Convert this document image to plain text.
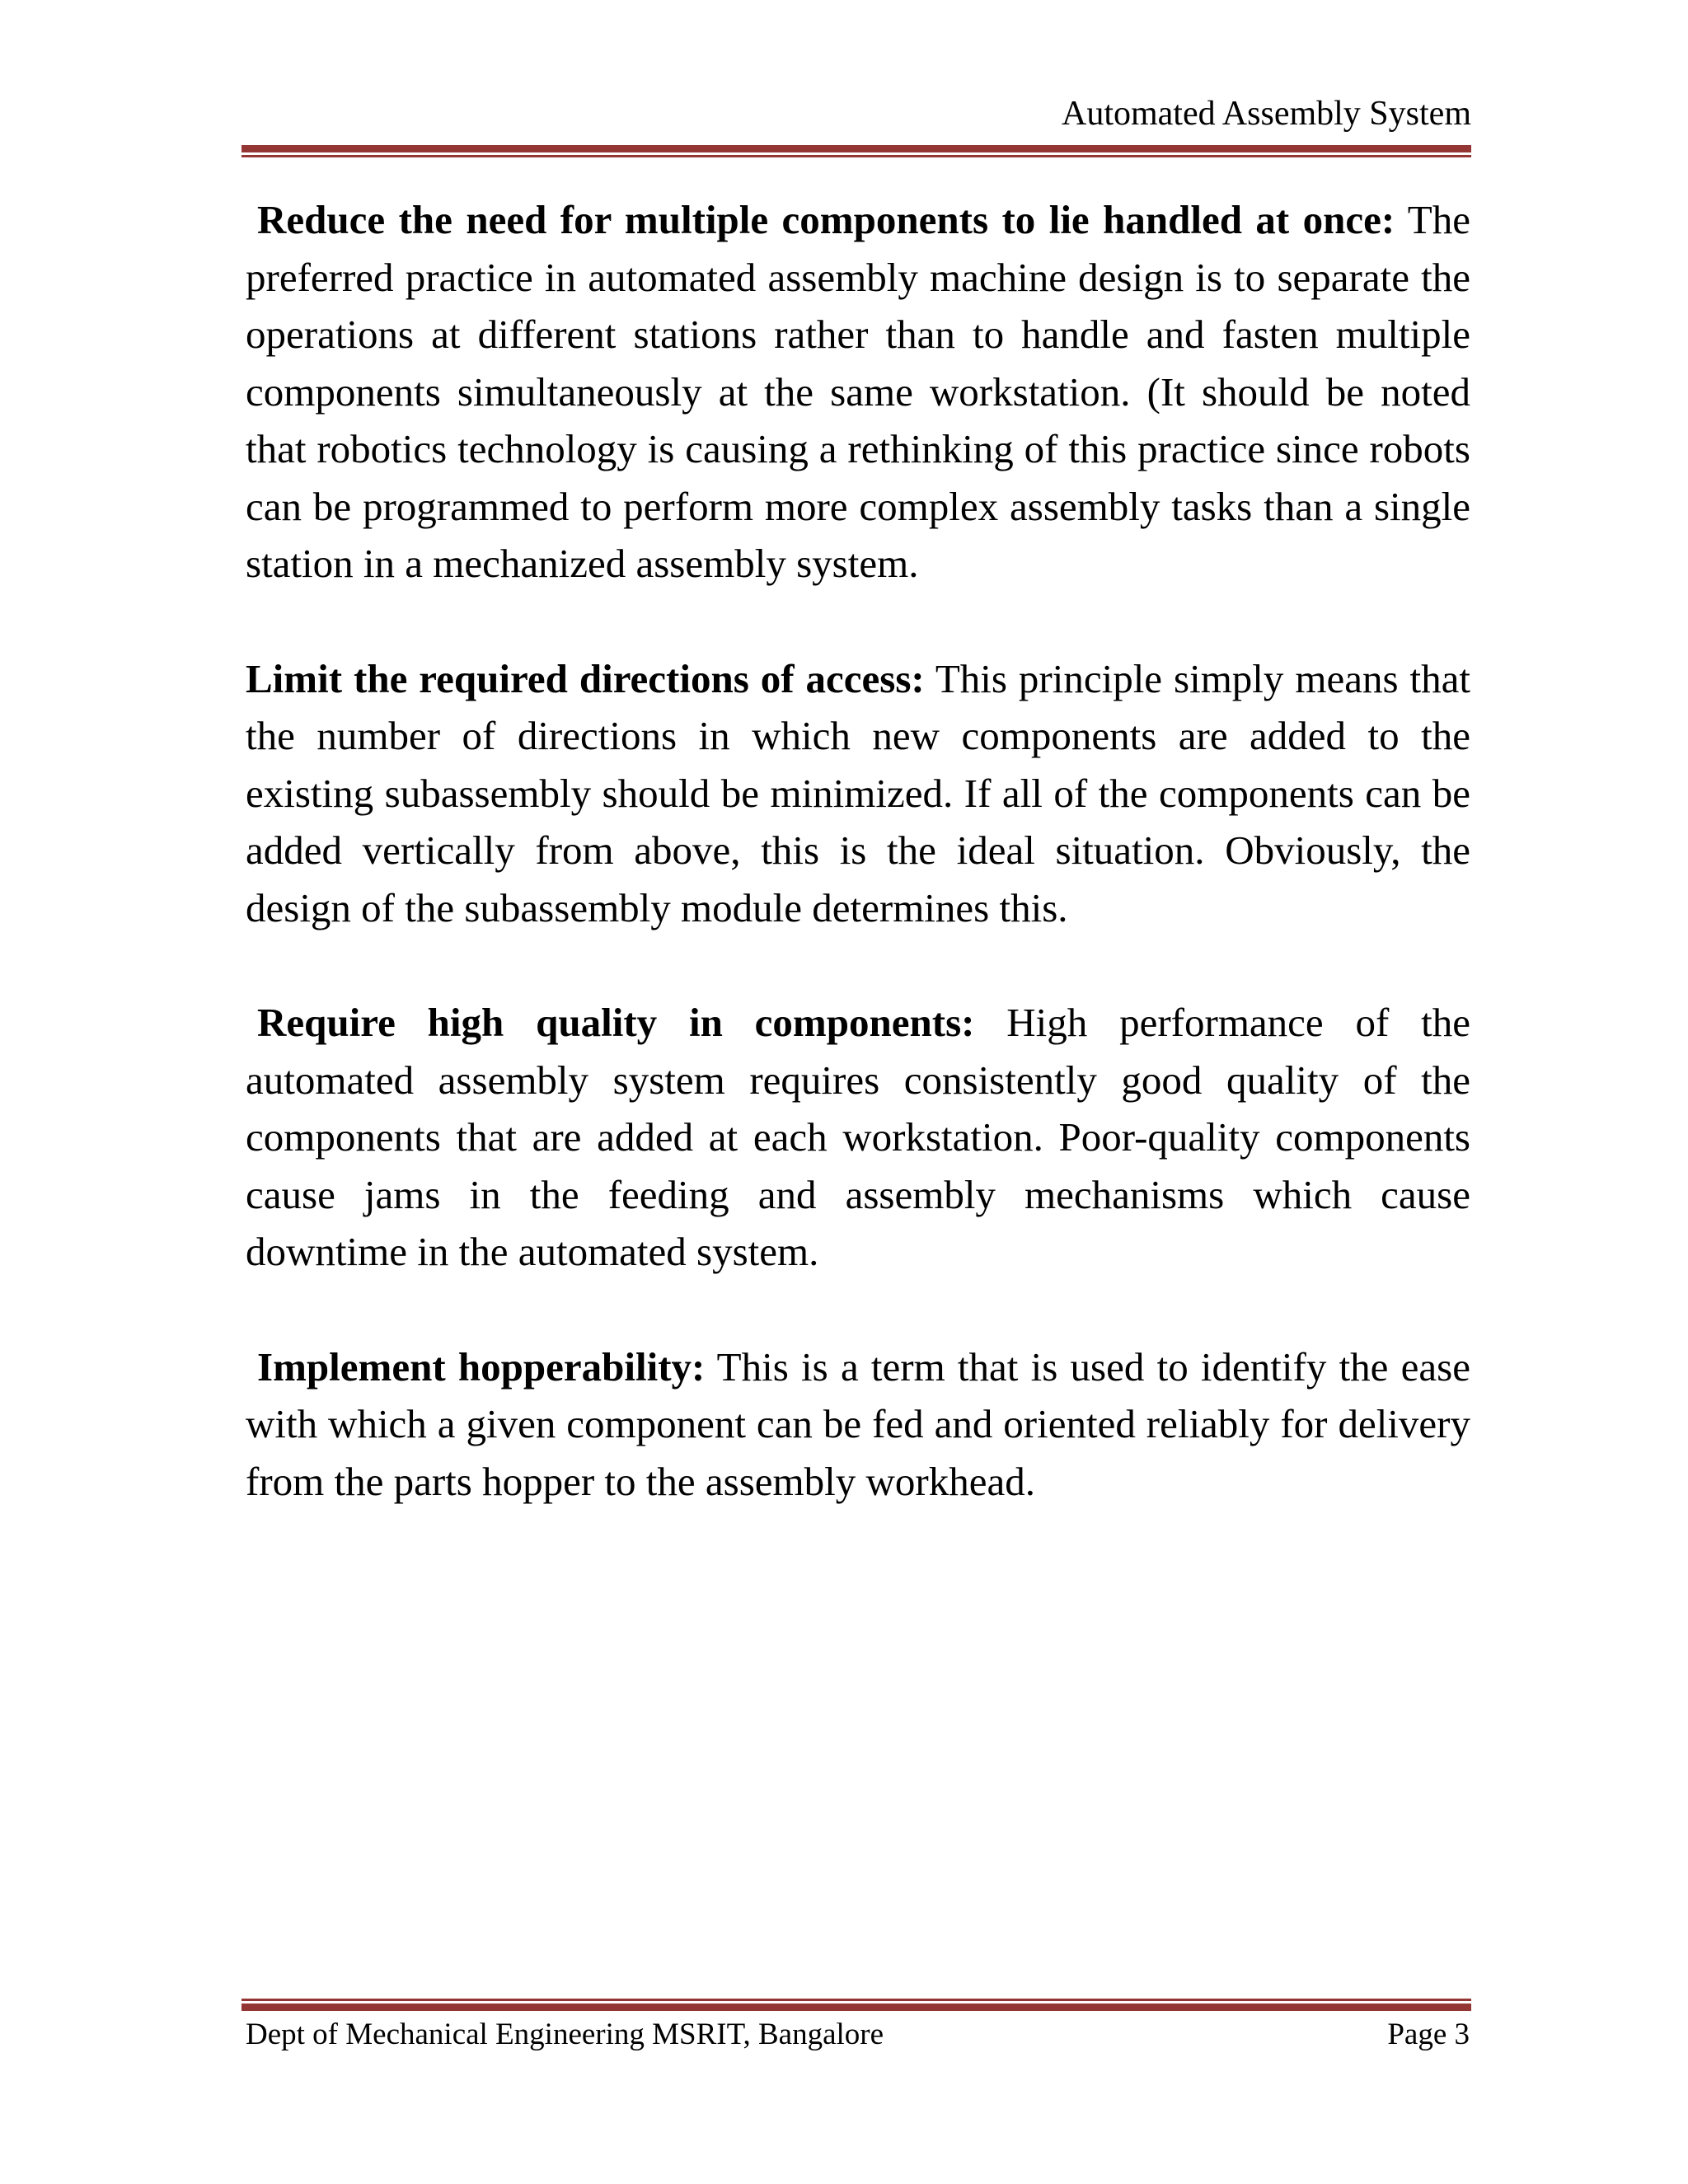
Automated Assembly System

Reduce the need for multiple components to lie handled at once: The preferred practice in automated assembly machine design is to separate the operations at different stations rather than to handle and fasten multiple components simultaneously at the same workstation. (It should be noted that robotics technology is causing a rethinking of this practice since robots can be programmed to perform more complex assembly tasks than a single station in a mechanized assembly system.

Limit the required directions of access: This principle simply means that the number of directions in which new components are added to the existing subassembly should be minimized. If all of the components can be added vertically from above, this is the ideal situation. Obviously, the design of the subassembly module determines this.

Require high quality in components: High performance of the automated assembly system requires consistently good quality of the components that are added at each workstation. Poor-quality components cause jams in the feeding and assembly mechanisms which cause downtime in the automated system.

Implement hopperability: This is a term that is used to identify the ease with which a given component can be fed and oriented reliably for delivery from the parts hopper to the assembly workhead.

Dept of Mechanical Engineering MSRIT, Bangalore	Page 3
